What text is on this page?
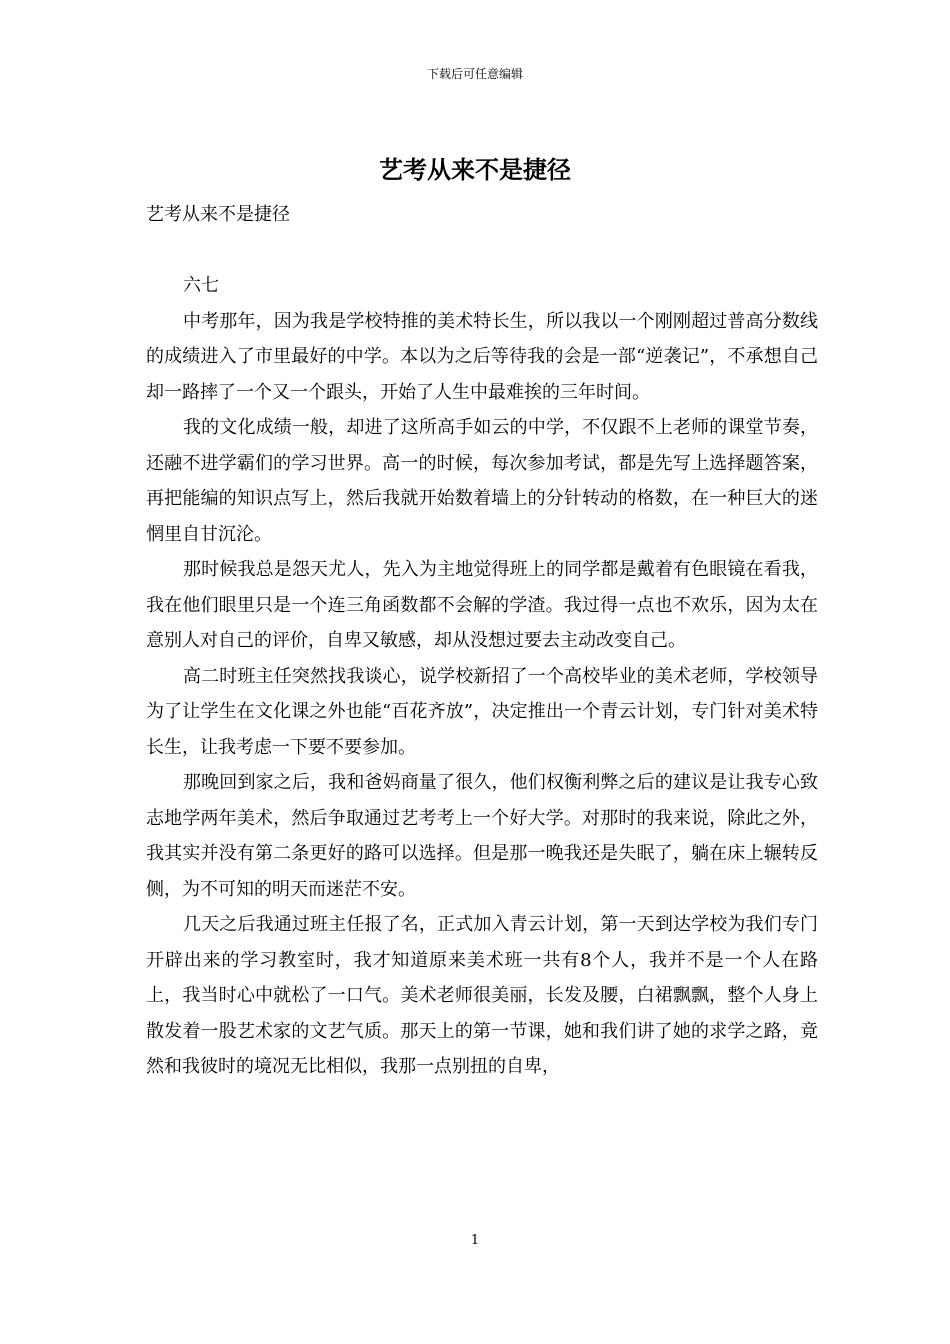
下载后可任意编辑
艺考从来不是捷径

艺考从来不是捷径

六七

中考那年，因为我是学校特推的美术特长生，所以我以一个刚刚超过普高分数线的成绩进入了市里最好的中学。本以为之后等待我的会是一部“逆袭记”，不承想自己却一路摔了一个又一个跟头，开始了人生中最难挨的三年时间。

我的文化成绩一般，却进了这所高手如云的中学，不仅跟不上老师的课堂节奏，还融不进学霸们的学习世界。高一的时候，每次参加考试，都是先写上选择题答案，再把能编的知识点写上，然后我就开始数着墙上的分针转动的格数，在一种巨大的迷惘里自甘沉沦。

那时候我总是怨天尤人，先入为主地觉得班上的同学都是戴着有色眼镜在看我，我在他们眼里只是一个连三角函数都不会解的学渣。我过得一点也不欢乐，因为太在意别人对自己的评价，自卑又敏感，却从没想过要去主动改变自己。

高二时班主任突然找我谈心，说学校新招了一个高校毕业的美术老师，学校领导为了让学生在文化课之外也能“百花齐放”，决定推出一个青云计划，专门针对美术特长生，让我考虑一下要不要参加。

那晚回到家之后，我和爸妈商量了很久，他们权衡利弊之后的建议是让我专心致志地学两年美术，然后争取通过艺考考上一个好大学。对那时的我来说，除此之外，我其实并没有第二条更好的路可以选择。但是那一晚我还是失眠了，躺在床上辗转反侧，为不可知的明天而迷茫不安。

几天之后我通过班主任报了名，正式加入青云计划，第一天到达学校为我们专门开辟出来的学习教室时，我才知道原来美术班一共有8个人，我并不是一个人在路上，我当时心中就松了一口气。美术老师很美丽，长发及腰，白裙飘飘，整个人身上散发着一股艺术家的文艺气质。那天上的第一节课，她和我们讲了她的求学之路，竟然和我彼时的境况无比相似，我那一点别扭的自卑，

1
